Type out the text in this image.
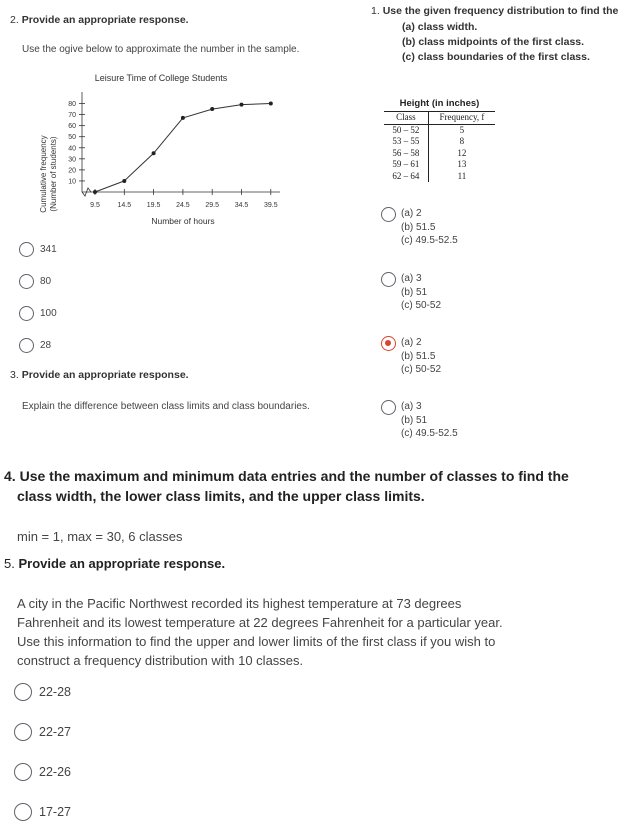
2. Provide an appropriate response.
Use the ogive below to approximate the number in the sample.
Leisure Time of College Students
Cumulative frequency (Number of students) 10
20
30
40
50
60
70
80
9.5	14.5 19.5 24.5 29.5 34.5 39.5
Number of hours
341
80
100
28
3. Provide an appropriate response.
Explain the difference between class limits and class boundaries.
1. Use the given frequency distribution to find the
(a) class width.
(b) class midpoints of the first class.
(c) class boundaries of the first class.
Height (in inches)
Class	Frequency, f
50 – 52	5
53 – 55	8
56 – 58	12
59 – 61	13
62 – 64	11
(a) 2
(b) 51.5
(c) 49.5-52.5
(a) 3
(b) 51
(c) 50-52
(a) 2
(b) 51.5
(c) 50-52
(a) 3
(b) 51
(c) 49.5-52.5
4. Use the maximum and minimum data entries and the number of classes to find the
class width, the lower class limits, and the upper class limits.
min = 1, max = 30, 6 classes
5. Provide an appropriate response.
A city in the Pacific Northwest recorded its highest temperature at 73 degrees
Fahrenheit and its lowest temperature at 22 degrees Fahrenheit for a particular year.
Use this information to find the upper and lower limits of the first class if you wish to
construct a frequency distribution with 10 classes.
22-28
22-27
22-26
17-27
